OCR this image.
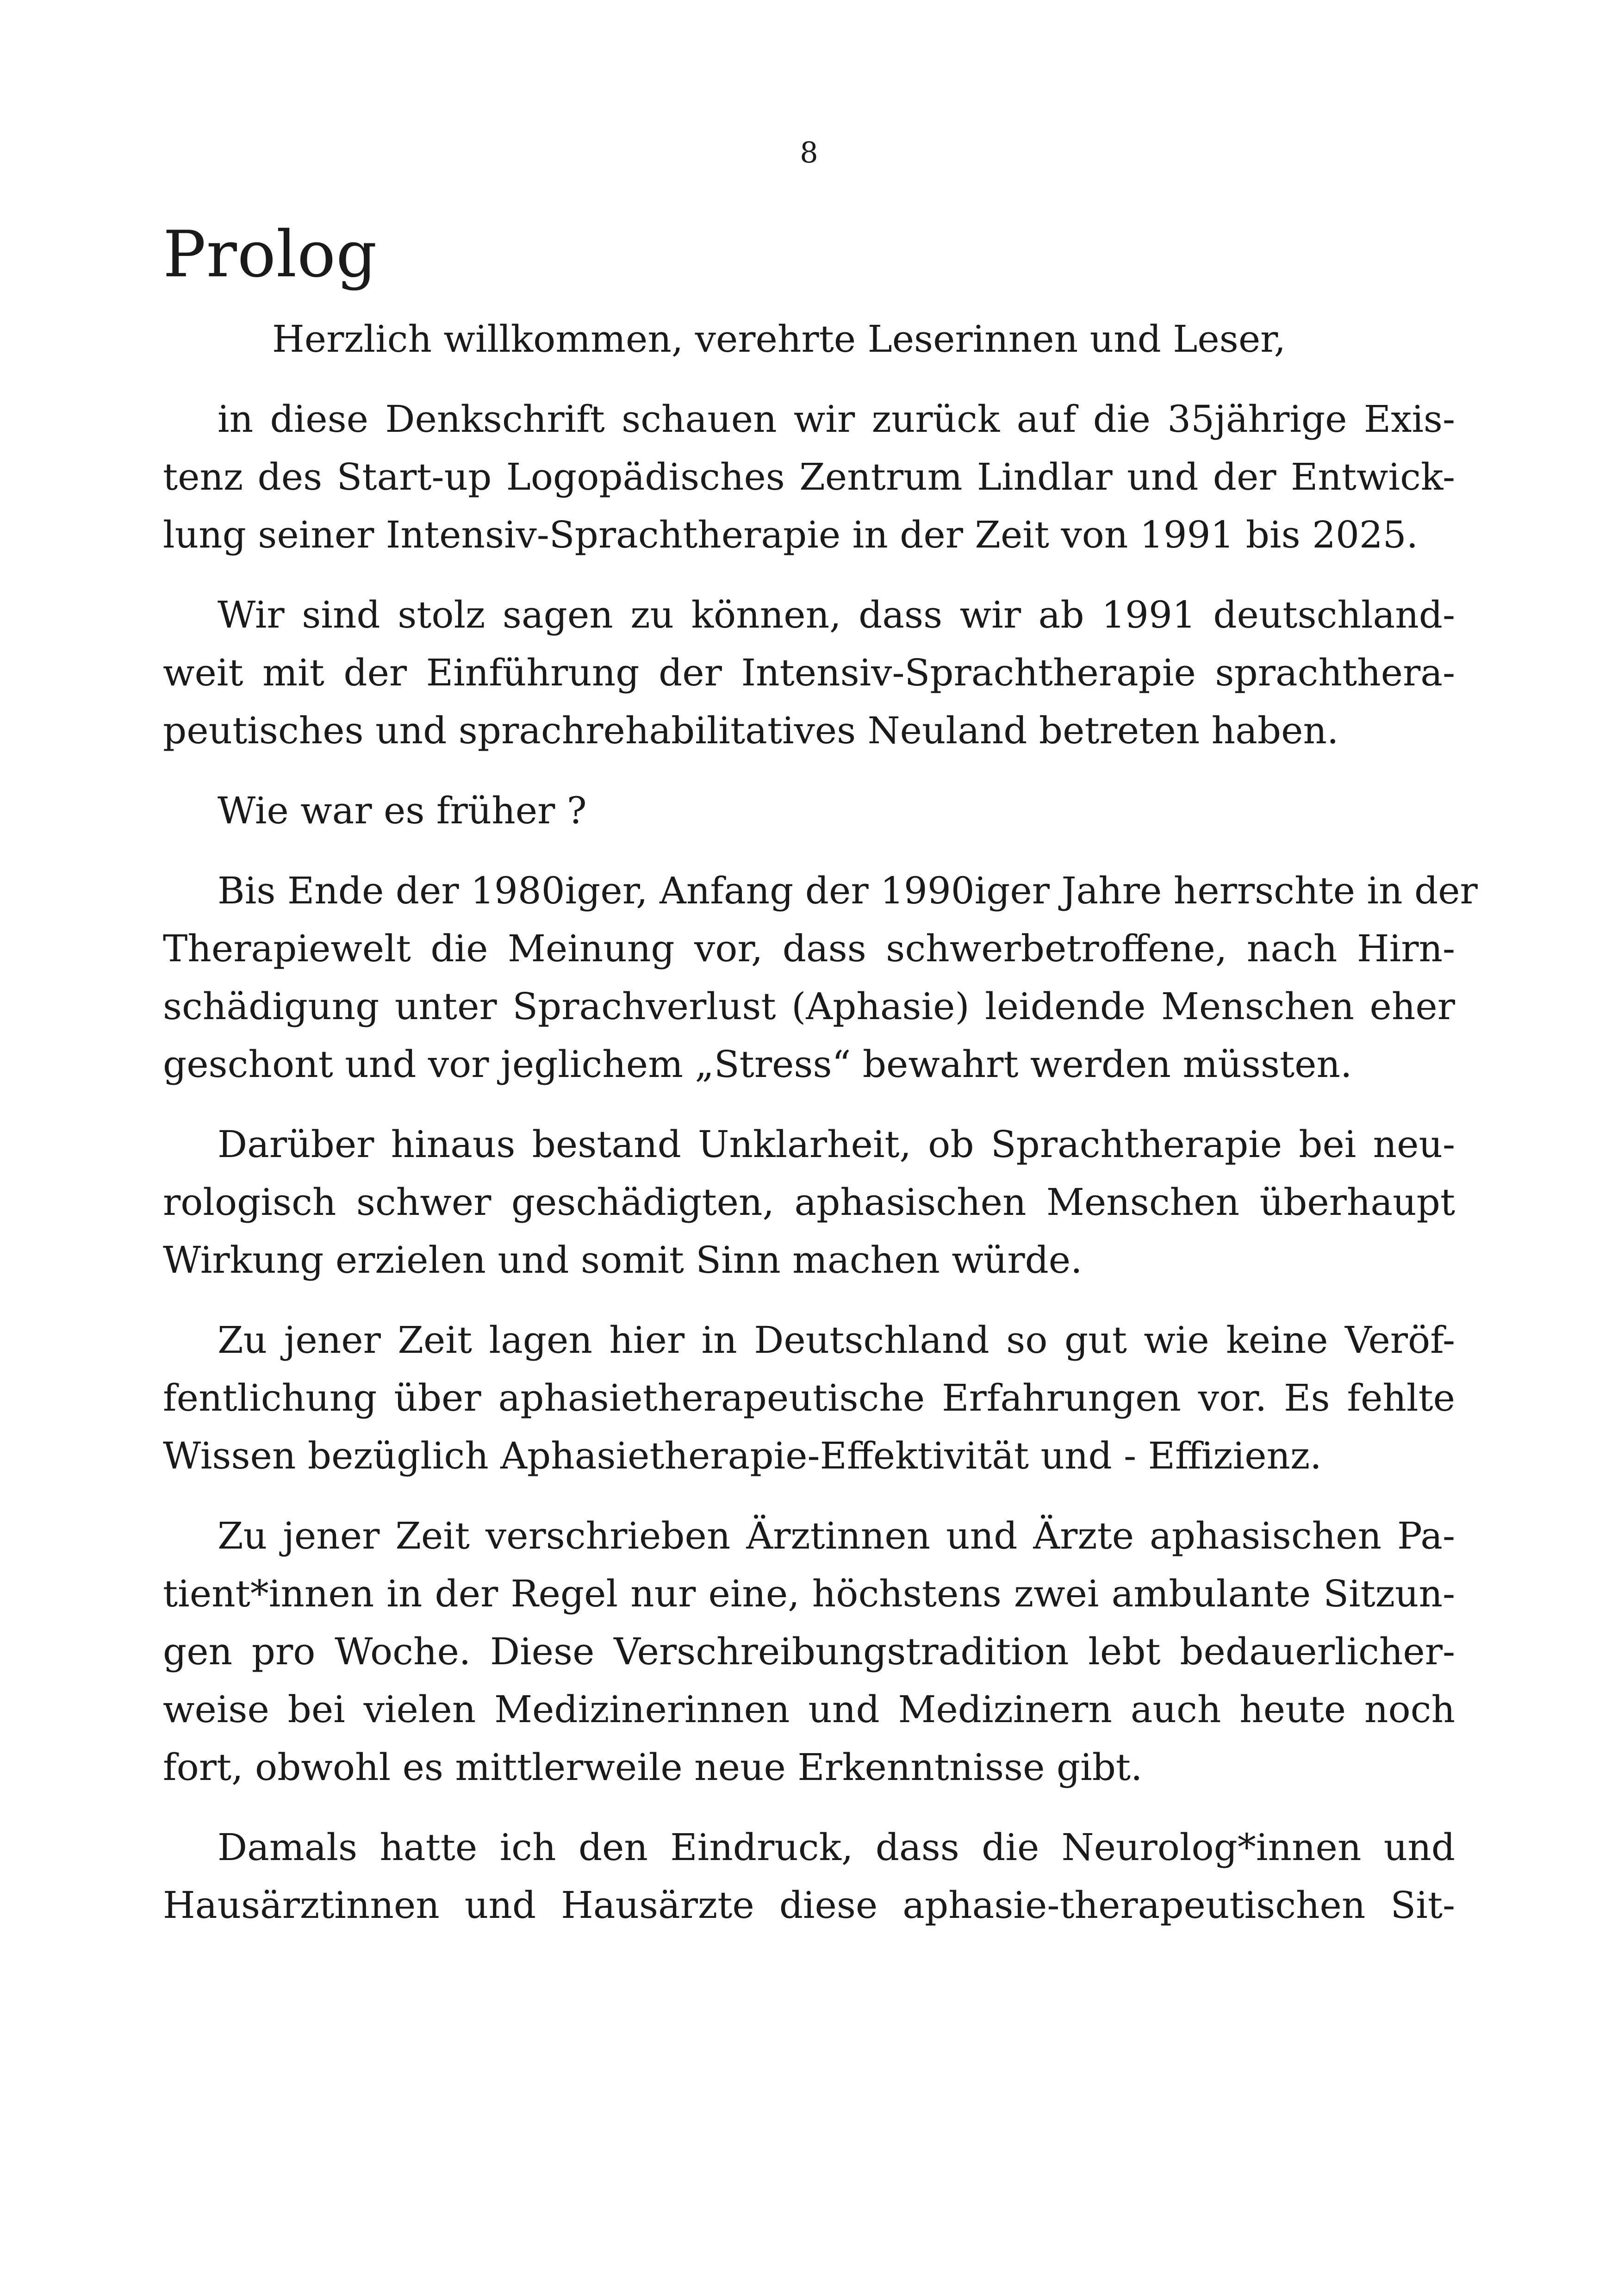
8
Prolog

Herzlich willkommen, verehrte Leserinnen und Leser,

in diese Denkschrift schauen wir zurück auf die 35jährige Exis-
tenz des Start-up Logopädisches Zentrum Lindlar und der Entwick-
lung seiner Intensiv-Sprachtherapie in der Zeit von 1991 bis 2025.

Wir sind stolz sagen zu können, dass wir ab 1991 deutschland-
weit mit der Einführung der Intensiv-Sprachtherapie sprachthera-
peutisches und sprachrehabilitatives Neuland betreten haben.

Wie war es früher ?

Bis Ende der 1980iger, Anfang der 1990iger Jahre herrschte in der
Therapiewelt die Meinung vor, dass schwerbetroffene, nach Hirn-
schädigung unter Sprachverlust (Aphasie) leidende Menschen eher
geschont und vor jeglichem „Stress“ bewahrt werden müssten.

Darüber hinaus bestand Unklarheit, ob Sprachtherapie bei neu-
rologisch schwer geschädigten, aphasischen Menschen überhaupt
Wirkung erzielen und somit Sinn machen würde.

Zu jener Zeit lagen hier in Deutschland so gut wie keine Veröf-
fentlichung über aphasietherapeutische Erfahrungen vor. Es fehlte
Wissen bezüglich Aphasietherapie-Effektivität und - Effizienz.

Zu jener Zeit verschrieben Ärztinnen und Ärzte aphasischen Pa-
tient*innen in der Regel nur eine, höchstens zwei ambulante Sitzun-
gen pro Woche. Diese Verschreibungstradition lebt bedauerlicher-
weise bei vielen Medizinerinnen und Medizinern auch heute noch
fort, obwohl es mittlerweile neue Erkenntnisse gibt.

Damals hatte ich den Eindruck, dass die Neurolog*innen und
Hausärztinnen und Hausärzte diese aphasie-therapeutischen Sit-
